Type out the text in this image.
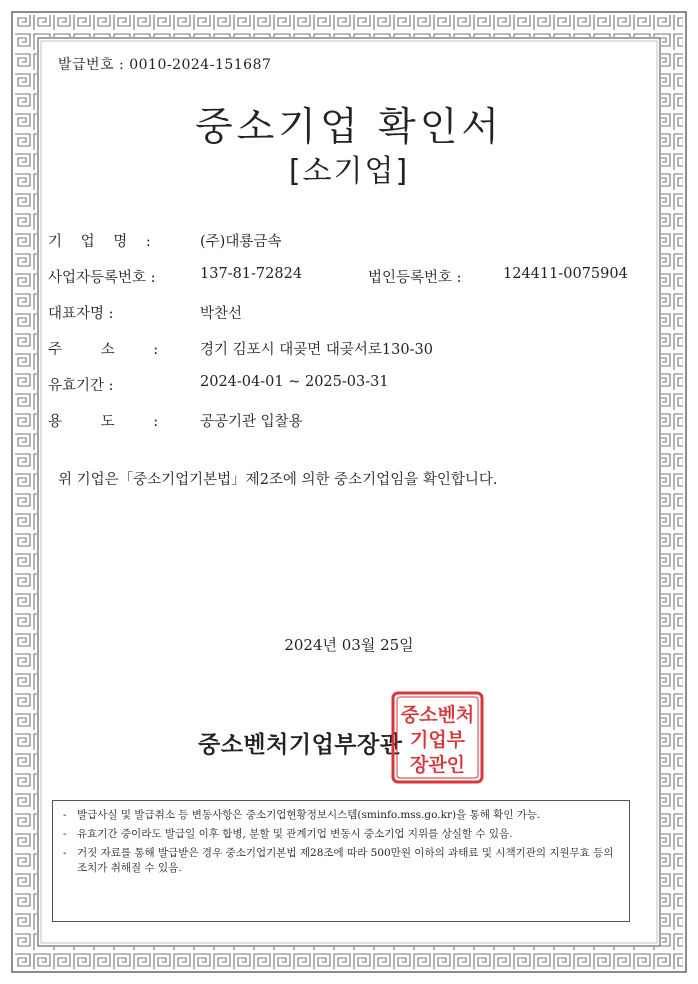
발급번호 : 0010-2024-151687
중소기업 확인서
[소기업]
기 업 명 :	(주)대룡금속
사업자등록번호 :	137-81-72824	법인등록번호 :	124411-0075904
대표자명 :	박찬선
주 소 :	경기 김포시 대곶면 대곶서로130-30
유효기간 :	2024-04-01 ~ 2025-03-31
용 도 :	공공기관 입찰용
위 기업은「중소기업기본법」제2조에 의한 중소기업임을 확인합니다.
2024년 03월 25일
중소벤처기업부장관
중소벤처
기업부
장관인
- 발급사실 및 발급취소 등 변동사항은 중소기업현황정보시스템(sminfo.mss.go.kr)을 통해 확인 가능.
- 유효기간 중이라도 발급일 이후 합병, 분할 및 관계기업 변동시 중소기업 지위를 상실할 수 있음.
- 거짓 자료를 통해 발급받은 경우 중소기업기본법 제28조에 따라 500만원 이하의 과태료 및 시책기관의 지원무효 등의 조치가 취해질 수 있음.
